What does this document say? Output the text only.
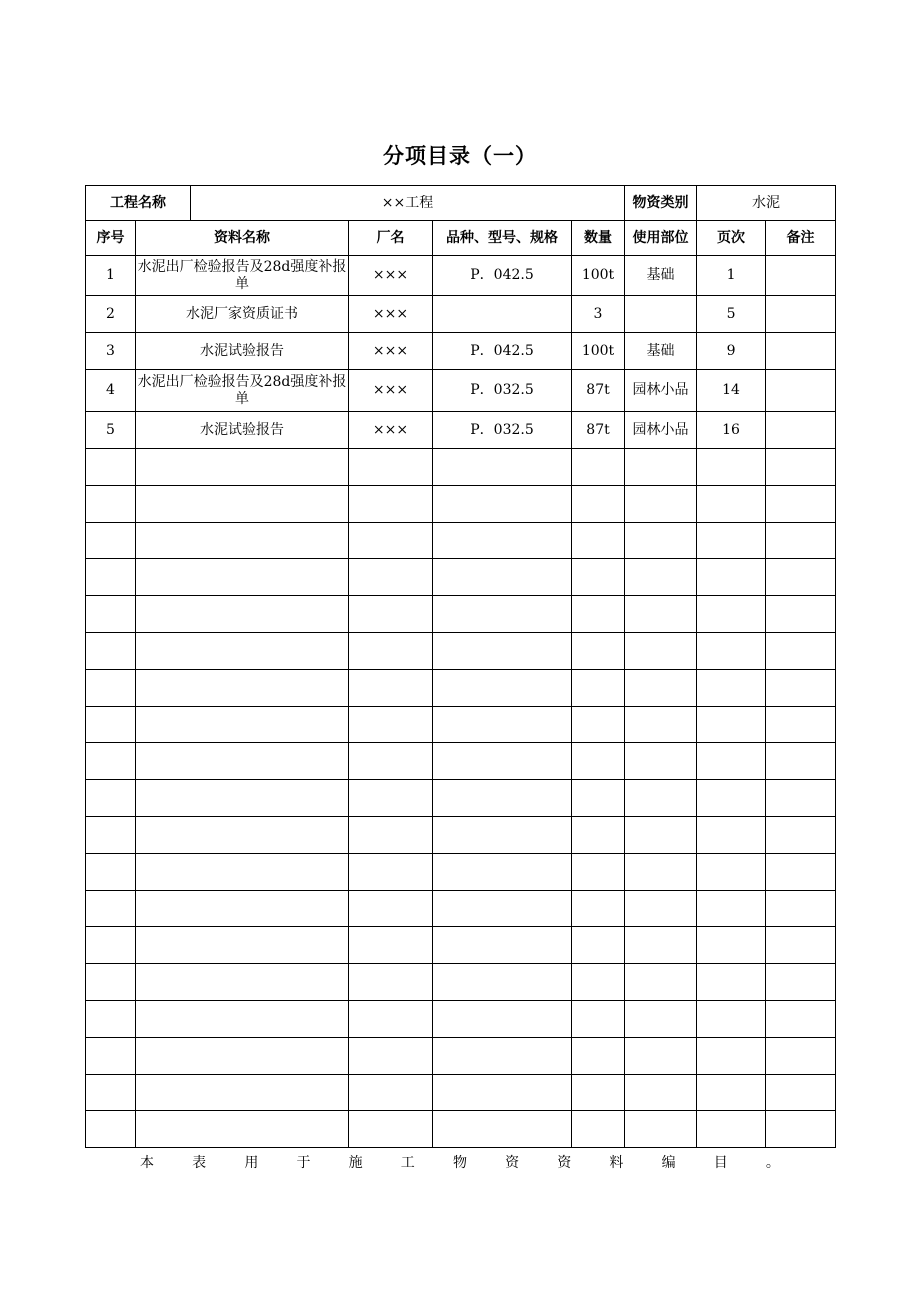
分项目录（一）
工程名称		××工程				物资类别	水泥	
序号	资料名称		厂名	品种、型号、规格	数量	使用部位	页次	备注
1	水泥出厂检验报告及28d强度补报单		×××	P．042.5	100t	基础	1	
2	水泥厂家资质证书		×××		3		5	
3	水泥试验报告		×××	P．042.5	100t	基础	9	
4	水泥出厂检验报告及28d强度补报单		×××	P．032.5	87t	园林小品	14	
5	水泥试验报告		×××	P．032.5	87t	园林小品	16	

本	表	用	于	施	工	物	资	资	料	编	目	。
